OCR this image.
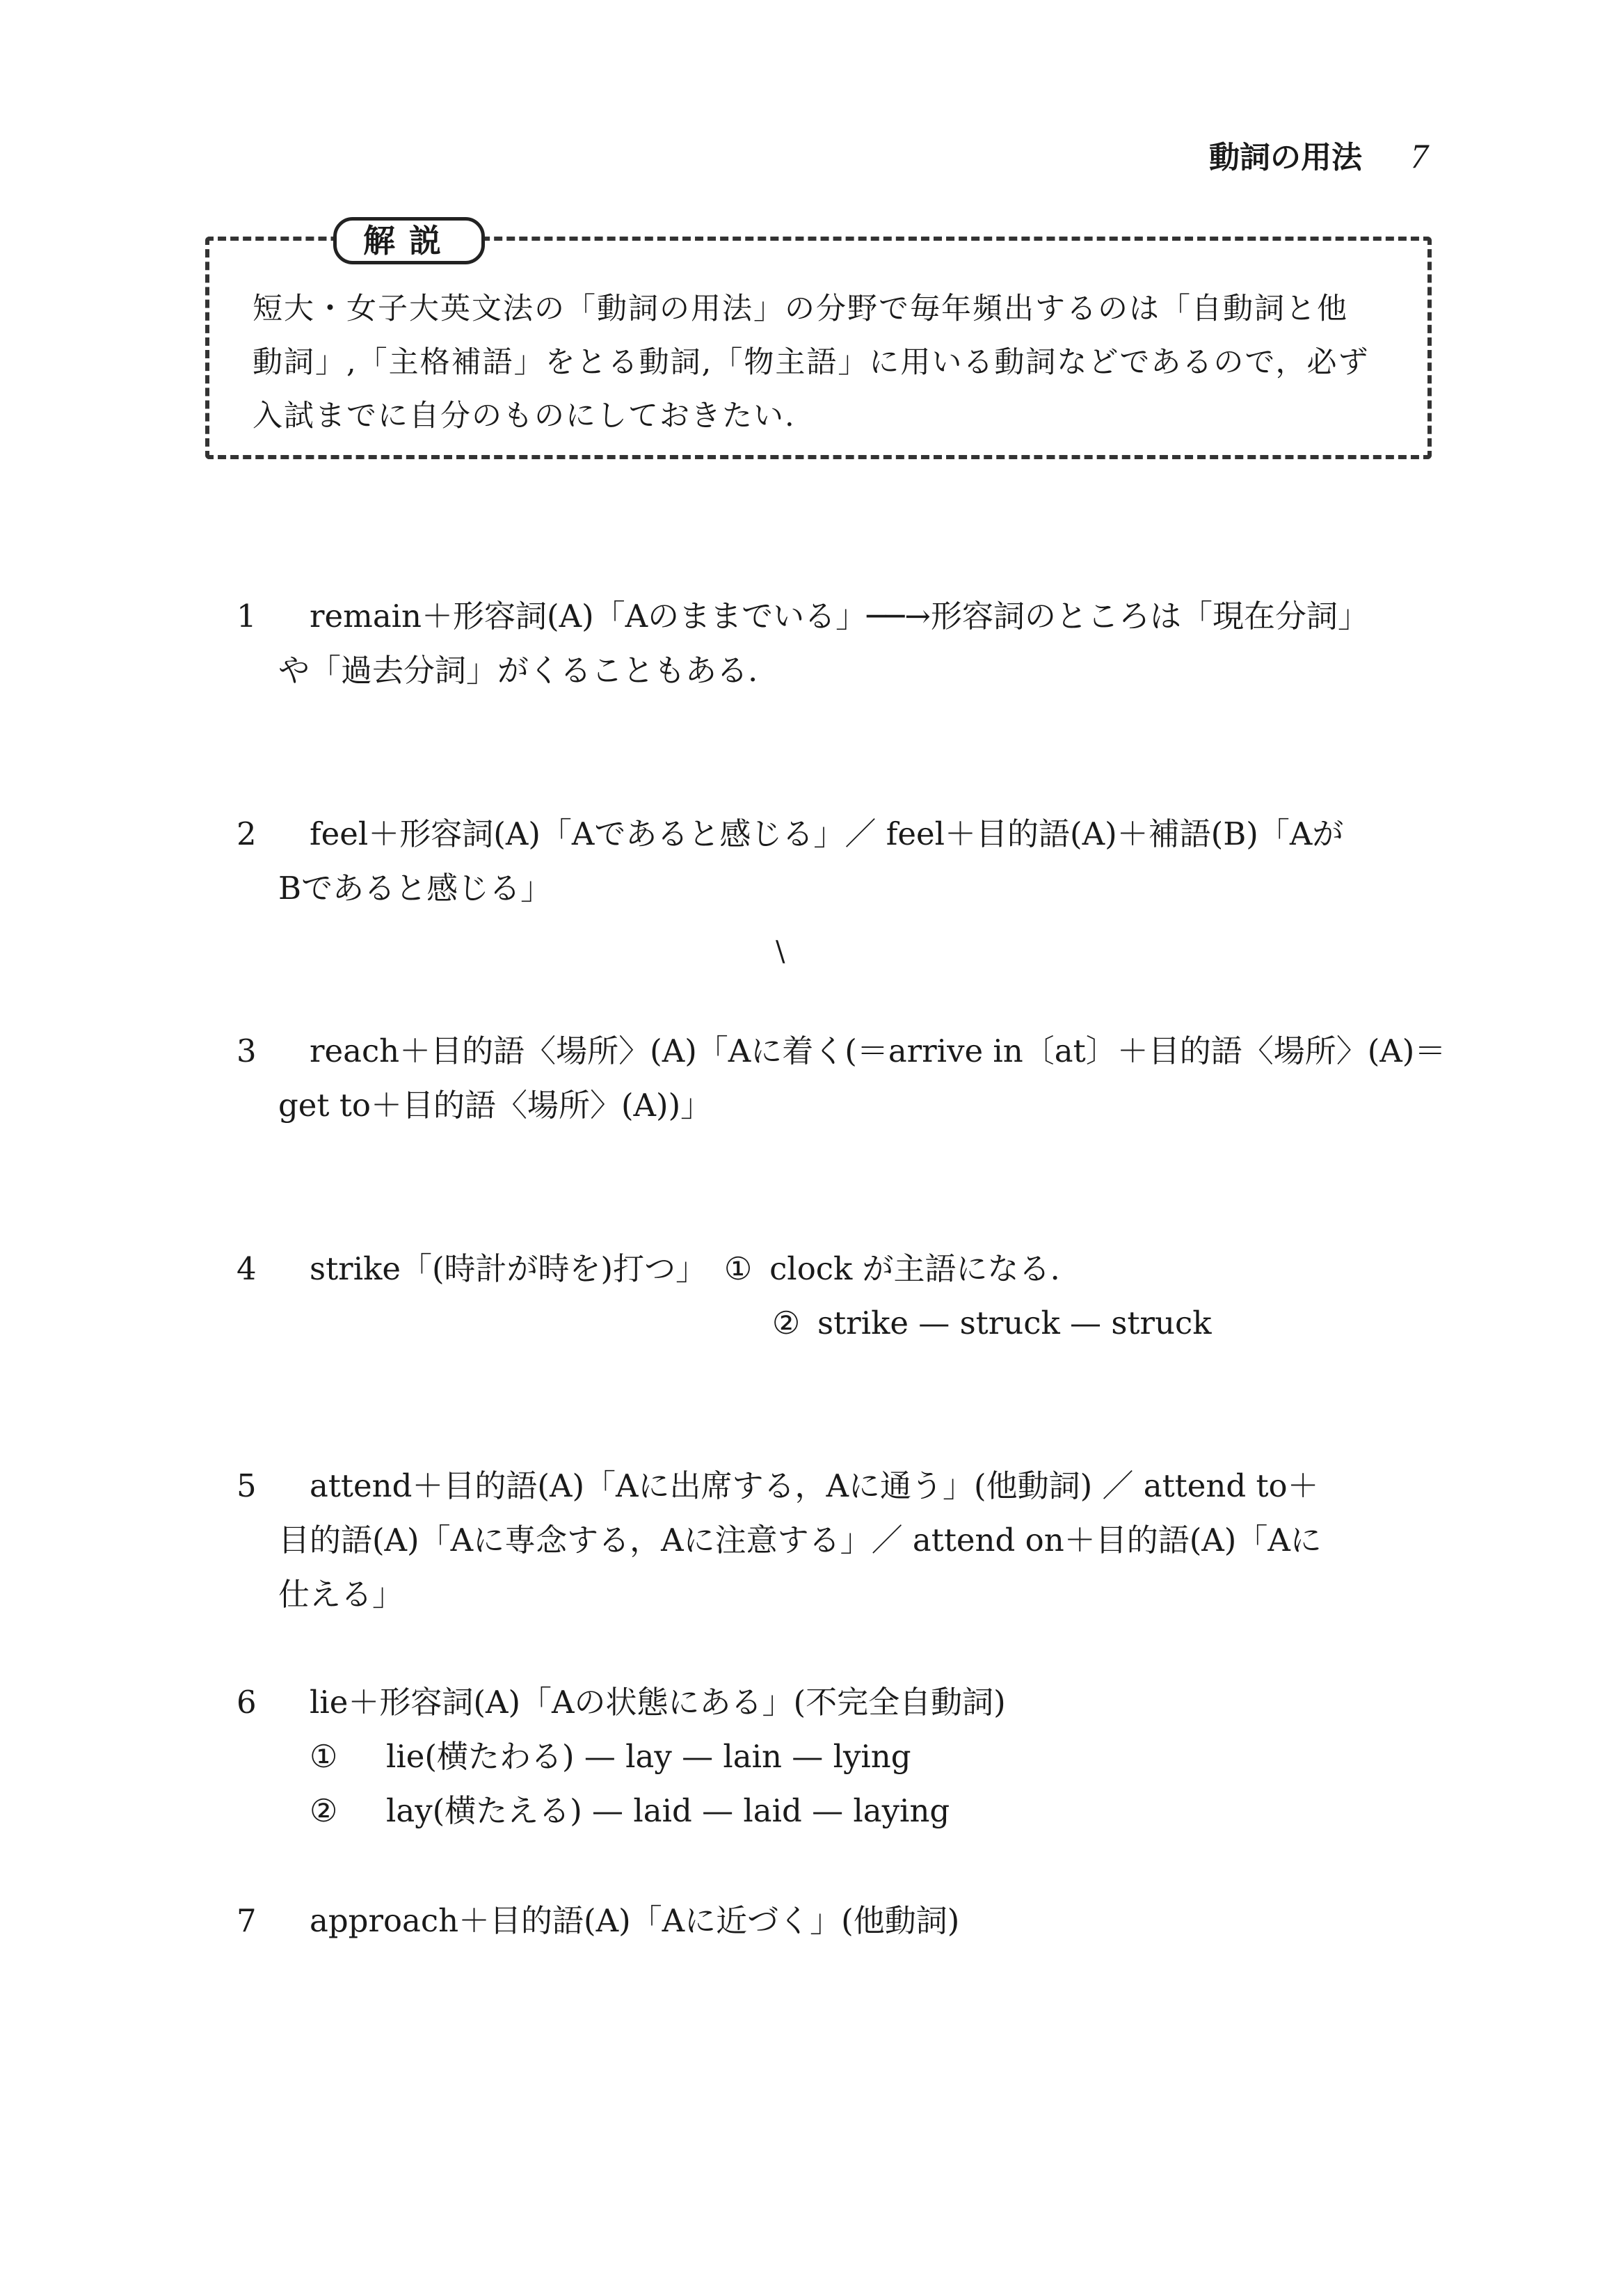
動詞の用法 7
解説
短大・女子大英文法の「動詞の用法」の分野で毎年頻出するのは「自動詞と他
動詞」,「主格補語」をとる動詞,「物主語」に用いる動詞などであるので，必ず
入試までに自分のものにしておきたい.
1	remain＋形容詞(A)「Aのままでいる」──→形容詞のところは「現在分詞」
や「過去分詞」がくることもある.
2	feel＋形容詞(A)「Aであると感じる」／ feel＋目的語(A)＋補語(B)「Aが
Bであると感じる」
\
3	reach＋目的語〈場所〉(A)「Aに着く(＝arrive in〔at〕＋目的語〈場所〉(A)＝
get to＋目的語〈場所〉(A))」
4	strike「(時計が時を)打つ」 ① clock が主語になる.
② strike — struck — struck
5	attend＋目的語(A)「Aに出席する，Aに通う」(他動詞) ／ attend to＋
目的語(A)「Aに専念する，Aに注意する」／ attend on＋目的語(A)「Aに
仕える」
6	lie＋形容詞(A)「Aの状態にある」(不完全自動詞)
① lie(横たわる) — lay — lain — lying
② lay(横たえる) — laid — laid — laying
7	approach＋目的語(A)「Aに近づく」(他動詞)
